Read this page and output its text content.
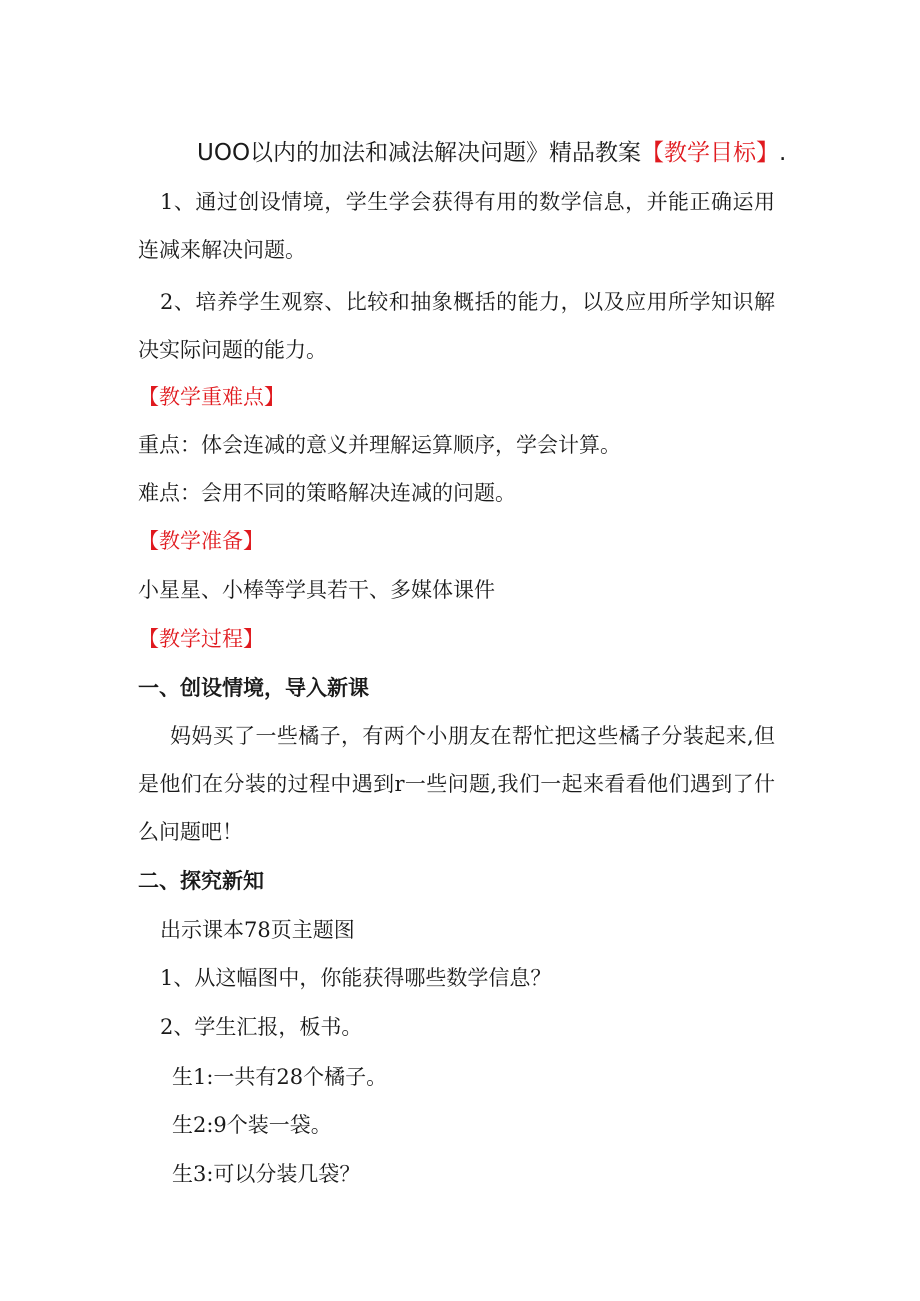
UOO以内的加法和减法解决问题》精品教案【教学目标】.

1、通过创设情境，学生学会获得有用的数学信息，并能正确运用

连减来解决问题。

2、培养学生观察、比较和抽象概括的能力，以及应用所学知识解

决实际问题的能力。

【教学重难点】

重点：体会连减的意义并理解运算顺序，学会计算。

难点：会用不同的策略解决连减的问题。

【教学准备】

小星星、小棒等学具若干、多媒体课件

【教学过程】

一、创设情境，导入新课

妈妈买了一些橘子，有两个小朋友在帮忙把这些橘子分装起来,但

是他们在分装的过程中遇到r一些问题,我们一起来看看他们遇到了什

么问题吧！

二、探究新知

出示课本78页主题图

1、从这幅图中，你能获得哪些数学信息？

2、学生汇报，板书。

生1:一共有28个橘子。

生2:9个装一袋。

生3:可以分装几袋？
